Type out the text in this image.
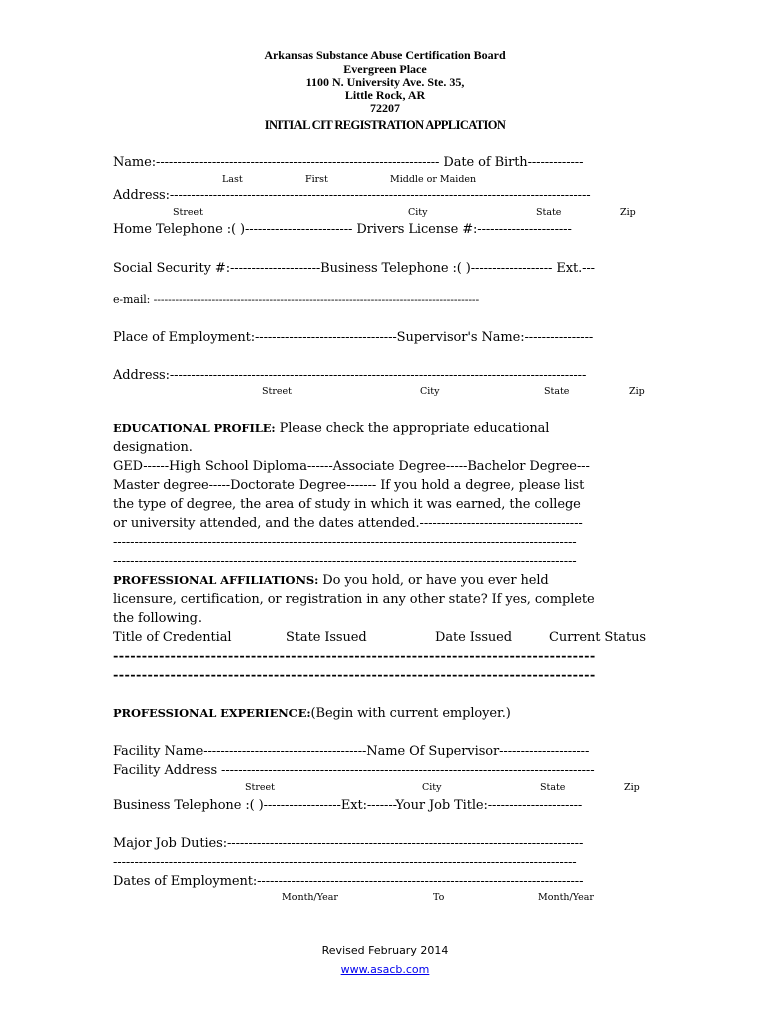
Arkansas Substance Abuse Certification Board
Evergreen Place
1100 N. University Ave. Ste. 35,
Little Rock, AR
72207
INITIAL CIT REGISTRATION APPLICATION
Name:------------------------------------------------------------------ Date of Birth-------------
Last	First	Middle or Maiden
Address:--------------------------------------------------------------------------------------------------
Street	City	State	Zip
Home Telephone :( )------------------------- Drivers License #:----------------------
Social Security #:---------------------Business Telephone :( )------------------- Ext.---
e-mail: ------------------------------------------------------------------------------------------
Place of Employment:---------------------------------Supervisor's Name:----------------
Address:-------------------------------------------------------------------------------------------------
Street	City	State	Zip
EDUCATIONAL PROFILE: Please check the appropriate educational
designation.
GED------High School Diploma------Associate Degree-----Bachelor Degree---
Master degree-----Doctorate Degree------- If you hold a degree, please list
the type of degree, the area of study in which it was earned, the college
or university attended, and the dates attended.--------------------------------------
------------------------------------------------------------------------------------------------------------
------------------------------------------------------------------------------------------------------------
PROFESSIONAL AFFILIATIONS: Do you hold, or have you ever held
licensure, certification, or registration in any other state? If yes, complete
the following.
Title of Credential	State Issued	Date Issued	Current Status
------------------------------------------------------------------------------------
------------------------------------------------------------------------------------
PROFESSIONAL EXPERIENCE:(Begin with current employer.)
Facility Name--------------------------------------Name Of Supervisor---------------------
Facility Address ---------------------------------------------------------------------------------------
Street	City	State	Zip
Business Telephone :( )------------------Ext:-------Your Job Title:----------------------
Major Job Duties:-----------------------------------------------------------------------------------
------------------------------------------------------------------------------------------------------------
Dates of Employment:----------------------------------------------------------------------------
Month/Year	To	Month/Year
Revised February 2014
www.asacb.com
